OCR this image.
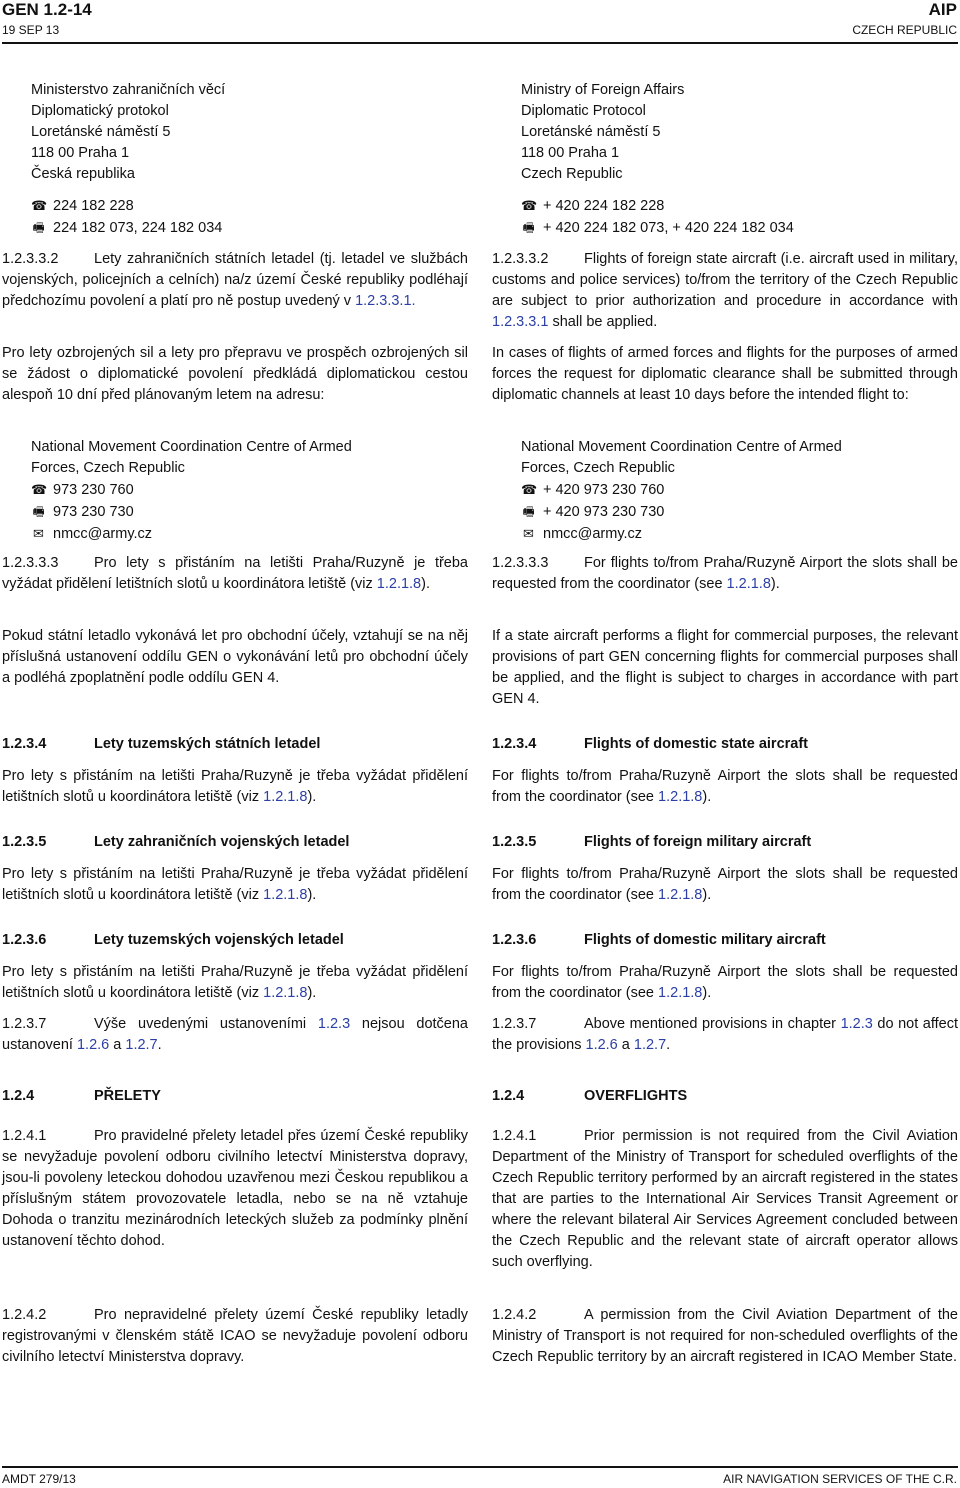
GEN 1.2-14
19 SEP 13
AIP
CZECH REPUBLIC
Ministerstvo zahraničních věcí
Diplomatický protokol
Loretánské náměstí 5
118 00 Praha 1
Česká republika
☎ 224 182 228
🖷 224 182 073, 224 182 034
Ministry of Foreign Affairs
Diplomatic Protocol
Loretánské náměstí 5
118 00 Praha 1
Czech Republic
☎ + 420 224 182 228
🖷 + 420 224 182 073, + 420 224 182 034
1.2.3.3.2 Lety zahraničních státních letadel (tj. letadel ve službách vojenských, policejních a celních) na/z území České republiky podléhají předchozímu povolení a platí pro ně postup uvedený v 1.2.3.3.1.
1.2.3.3.2 Flights of foreign state aircraft (i.e. aircraft used in military, customs and police services) to/from the territory of the Czech Republic are subject to prior authorization and procedure in accordance with 1.2.3.3.1 shall be applied.
Pro lety ozbrojených sil a lety pro přepravu ve prospěch ozbrojených sil se žádost o diplomatické povolení předkládá diplomatickou cestou alespoň 10 dní před plánovaným letem na adresu:
In cases of flights of armed forces and flights for the purposes of armed forces the request for diplomatic clearance shall be submitted through diplomatic channels at least 10 days before the intended flight to:
National Movement Coordination Centre of Armed
Forces, Czech Republic
☎ 973 230 760
🖷 973 230 730
✉ nmcc@army.cz
National Movement Coordination Centre of Armed
Forces, Czech Republic
☎ + 420 973 230 760
🖷 + 420 973 230 730
✉ nmcc@army.cz
1.2.3.3.3 Pro lety s přistáním na letišti Praha/Ruzyně je třeba vyžádat přidělení letištních slotů u koordinátora letiště (viz 1.2.1.8).
1.2.3.3.3 For flights to/from Praha/Ruzyně Airport the slots shall be requested from the coordinator (see 1.2.1.8).
Pokud státní letadlo vykonává let pro obchodní účely, vztahují se na něj příslušná ustanovení oddílu GEN o vykonávání letů pro obchodní účely a podléhá zpoplatnění podle oddílu GEN 4.
If a state aircraft performs a flight for commercial purposes, the relevant provisions of part GEN concerning flights for commercial purposes shall be applied, and the flight is subject to charges in accordance with part GEN 4.
1.2.3.4	Lety tuzemských státních letadel	1.2.3.4	Flights of domestic state aircraft
Pro lety s přistáním na letišti Praha/Ruzyně je třeba vyžádat přidělení letištních slotů u koordinátora letiště (viz 1.2.1.8).
For flights to/from Praha/Ruzyně Airport the slots shall be requested from the coordinator (see 1.2.1.8).
1.2.3.5	Lety zahraničních vojenských letadel	1.2.3.5	Flights of foreign military aircraft
Pro lety s přistáním na letišti Praha/Ruzyně je třeba vyžádat přidělení letištních slotů u koordinátora letiště (viz 1.2.1.8).
For flights to/from Praha/Ruzyně Airport the slots shall be requested from the coordinator (see 1.2.1.8).
1.2.3.6	Lety tuzemských vojenských letadel	1.2.3.6	Flights of domestic military aircraft
Pro lety s přistáním na letišti Praha/Ruzyně je třeba vyžádat přidělení letištních slotů u koordinátora letiště (viz 1.2.1.8).
For flights to/from Praha/Ruzyně Airport the slots shall be requested from the coordinator (see 1.2.1.8).
1.2.3.7	Výše uvedenými ustanoveními 1.2.3 nejsou dotčena ustanovení 1.2.6 a 1.2.7.
1.2.3.7	Above mentioned provisions in chapter 1.2.3 do not affect the provisions 1.2.6 a 1.2.7.
1.2.4	PŘELETY	1.2.4	OVERFLIGHTS
1.2.4.1	Pro pravidelné přelety letadel přes území České republiky se nevyžaduje povolení odboru civilního letectví Ministerstva dopravy, jsou-li povoleny leteckou dohodou uzavřenou mezi Českou republikou a příslušným státem provozovatele letadla, nebo se na ně vztahuje Dohoda o tranzitu mezinárodních leteckých služeb za podmínky plnění ustanovení těchto dohod.
1.2.4.1	Prior permission is not required from the Civil Aviation Department of the Ministry of Transport for scheduled overflights of the Czech Republic territory performed by an aircraft registered in the states that are parties to the International Air Services Transit Agreement or where the relevant bilateral Air Services Agreement concluded between the Czech Republic and the relevant state of aircraft operator allows such overflying.
1.2.4.2	Pro nepravidelné přelety území České republiky letadly registrovanými v členském státě ICAO se nevyžaduje povolení odboru civilního letectví Ministerstva dopravy.
1.2.4.2	A permission from the Civil Aviation Department of the Ministry of Transport is not required for non-scheduled overflights of the Czech Republic territory by an aircraft registered in ICAO Member State.
AMDT 279/13	AIR NAVIGATION SERVICES OF THE C.R.
